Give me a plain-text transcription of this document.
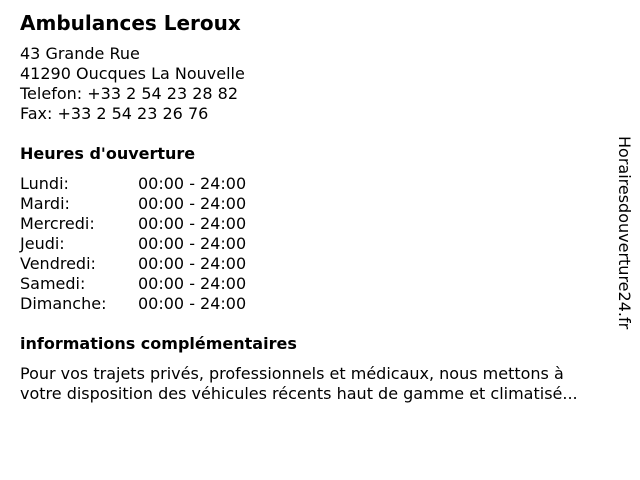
Ambulances Leroux
43 Grande Rue
41290 Oucques La Nouvelle
Telefon: +33 2 54 23 28 82
Fax: +33 2 54 23 26 76
Heures d'ouverture
Lundi:	00:00 - 24:00
Mardi:	00:00 - 24:00
Mercredi:	00:00 - 24:00
Jeudi:	00:00 - 24:00
Vendredi:	00:00 - 24:00
Samedi:	00:00 - 24:00
Dimanche:	00:00 - 24:00
informations complémentaires
Pour vos trajets privés, professionnels et médicaux, nous mettons à
votre disposition des véhicules récents haut de gamme et climatisé...
Horairesdouverture24.fr
